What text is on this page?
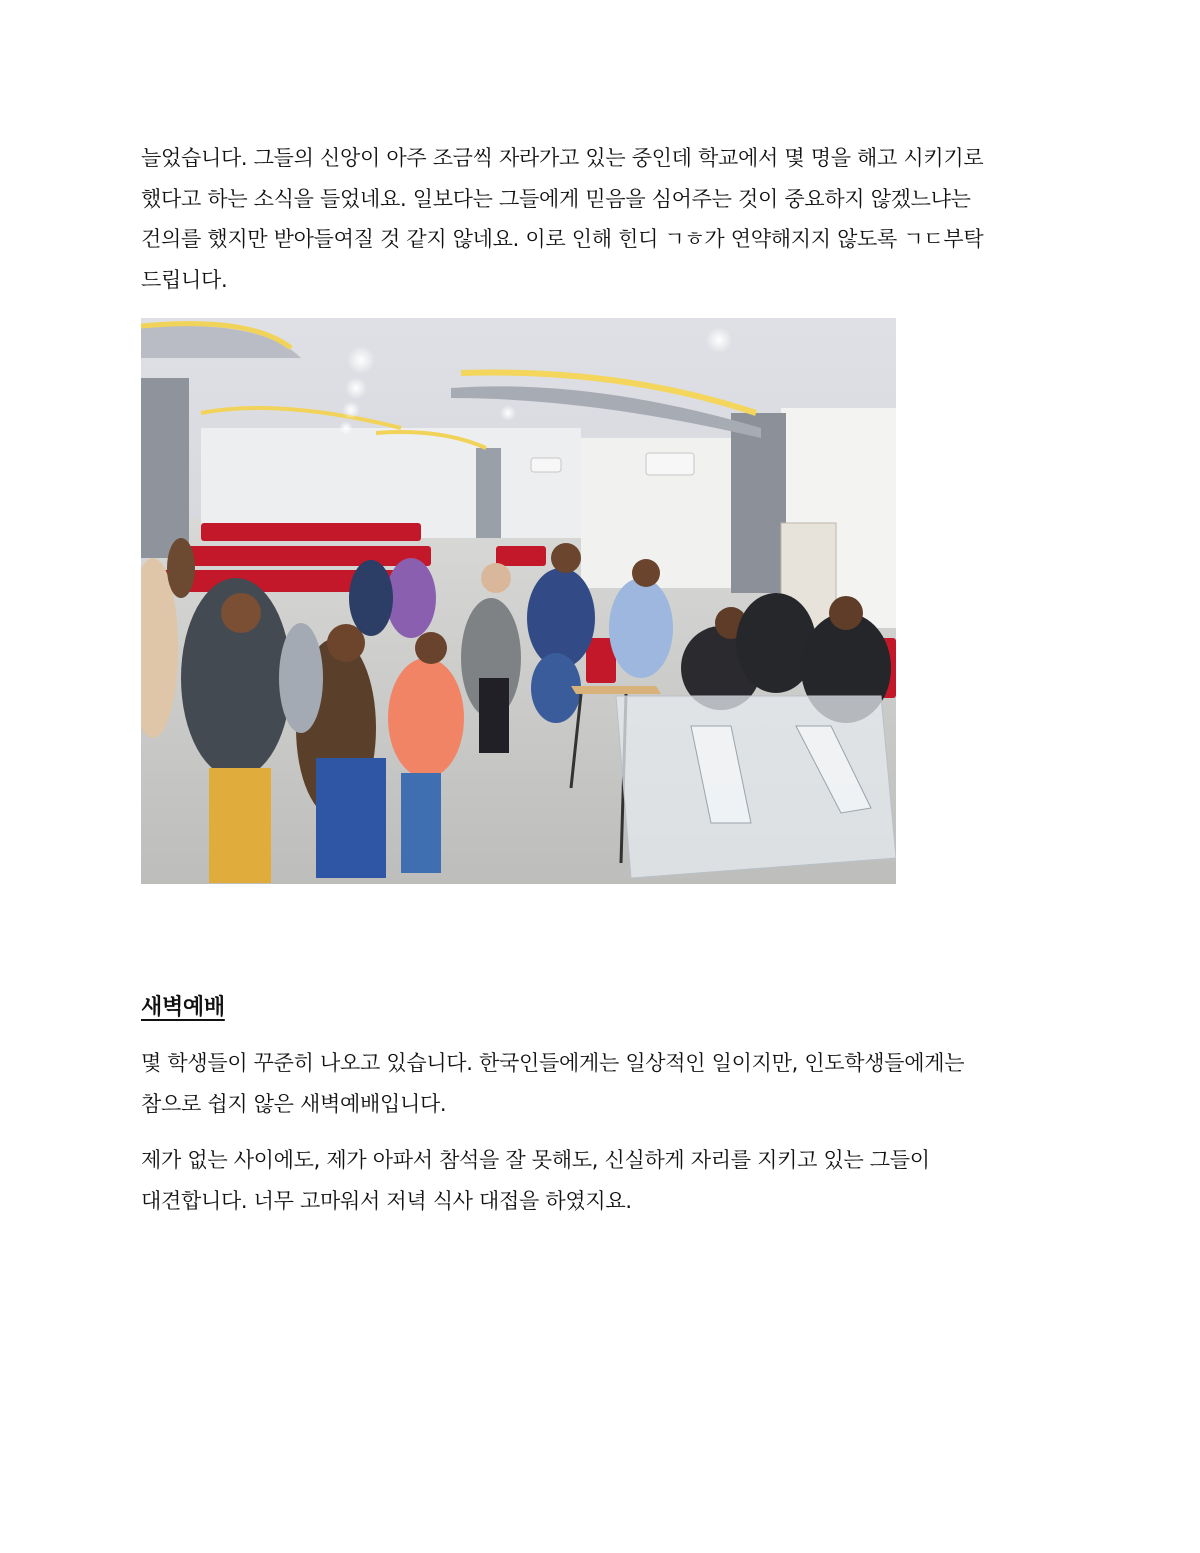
늘었습니다. 그들의 신앙이 아주 조금씩 자라가고 있는 중인데 학교에서 몇 명을 해고 시키기로
했다고 하는 소식을 들었네요. 일보다는 그들에게 믿음을 심어주는 것이 중요하지 않겠느냐는
건의를 했지만 받아들여질 것 같지 않네요. 이로 인해 힌디 ㄱㅎ가 연약해지지 않도록 ㄱㄷ부탁
드립니다.
새벽예배
몇 학생들이 꾸준히 나오고 있습니다. 한국인들에게는 일상적인 일이지만, 인도학생들에게는
참으로 쉽지 않은 새벽예배입니다.
제가 없는 사이에도, 제가 아파서 참석을 잘 못해도, 신실하게 자리를 지키고 있는 그들이
대견합니다. 너무 고마워서 저녁 식사 대접을 하였지요.
